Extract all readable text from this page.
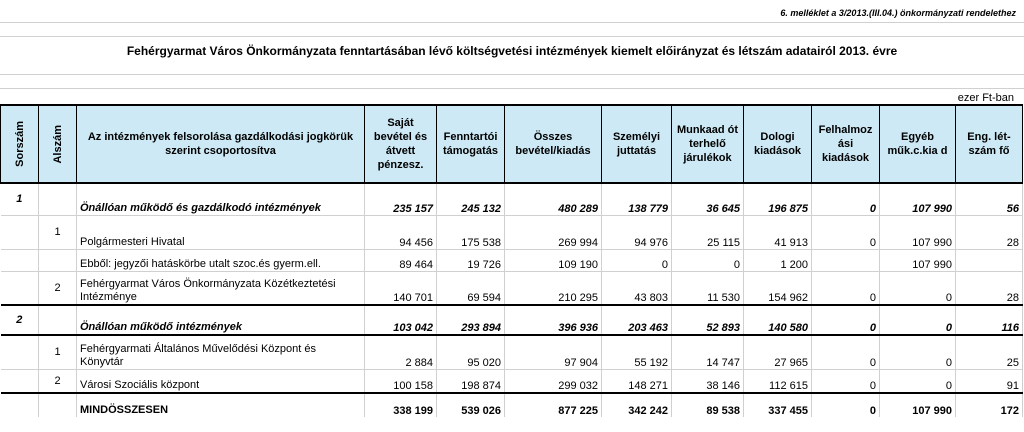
6. melléklet a 3/2013.(III.04.) önkormányzati rendelethez
Fehérgyarmat Város Önkormányzata fenntartásában lévő költségvetési intézmények kiemelt előirányzat és létszám adatairól 2013. évre
ezer Ft-ban
Sorszám	Alszám	Az intézmények felsorolása gazdálkodási jogkörük szerint csoportosítva	Saját bevétel és átvett pénzesz.	Fenntartói támogatás	Összes bevétel/kiadás	Személyi juttatás	Munkaad ót terhelő járulékok	Dologi kiadások	Felhalmoz ási kiadások	Egyéb műk.c.kia d	Eng. lét-szám fő
1		Önállóan működő és gazdálkodó intézmények	235 157	245 132	480 289	138 779	36 645	196 875	0	107 990	56
	1	Polgármesteri Hivatal	94 456	175 538	269 994	94 976	25 115	41 913	0	107 990	28
		Ebből: jegyzői hatáskörbe utalt szoc.és gyerm.ell.	89 464	19 726	109 190	0	0	1 200		107 990	
	2	Fehérgyarmat Város Önkormányzata Közétkeztetési Intézménye	140 701	69 594	210 295	43 803	11 530	154 962	0	0	28
2		Önállóan működő intézmények	103 042	293 894	396 936	203 463	52 893	140 580	0	0	116
	1	Fehérgyarmati Általános Művelődési Központ és Könyvtár	2 884	95 020	97 904	55 192	14 747	27 965	0	0	25
	2	Városi Szociális központ	100 158	198 874	299 032	148 271	38 146	112 615	0	0	91
		MINDÖSSZESEN	338 199	539 026	877 225	342 242	89 538	337 455	0	107 990	172
